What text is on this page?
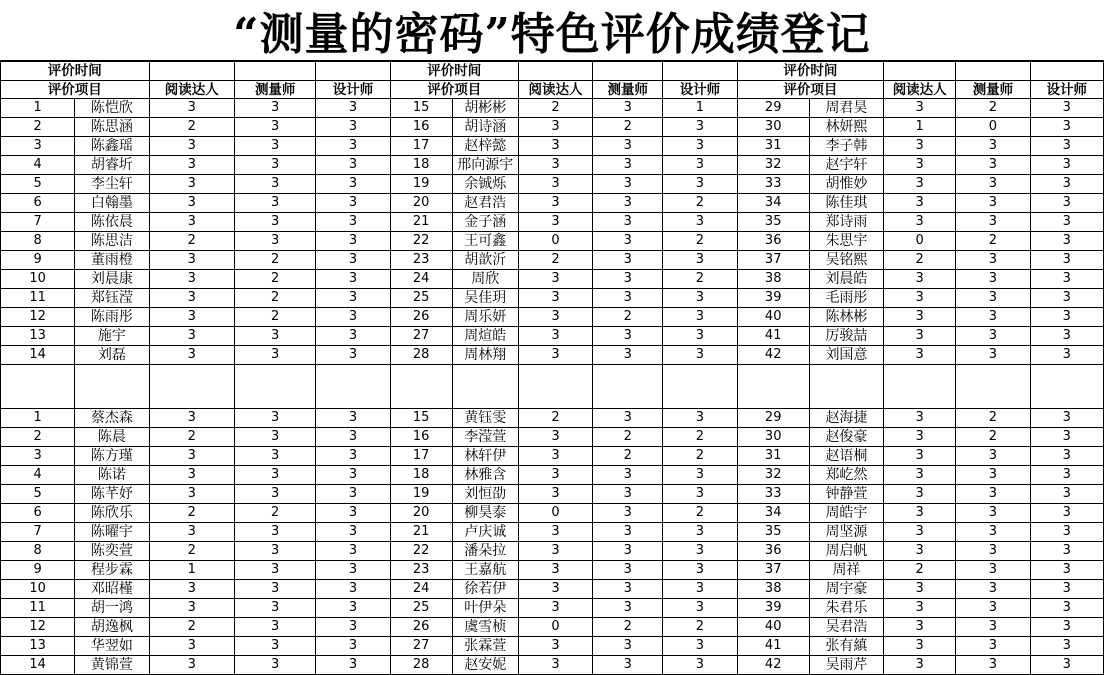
“测量的密码”特色评价成绩登记
评价时间					评价时间					评价时间				
评价项目		阅读达人	测量师	设计师	评价项目		阅读达人	测量师	设计师	评价项目		阅读达人	测量师	设计师
1	陈恺欣	3	3	3	15	胡彬彬	2	3	1	29	周君昊	3	2	3
2	陈思涵	2	3	3	16	胡诗涵	3	2	3	30	林妍熙	1	0	3
3	陈鑫瑶	3	3	3	17	赵梓懿	3	3	3	31	李子韩	3	3	3
4	胡睿圻	3	3	3	18	邢向源宇	3	3	3	32	赵宇轩	3	3	3
5	李尘轩	3	3	3	19	余铖烁	3	3	3	33	胡惟妙	3	3	3
6	白翰墨	3	3	3	20	赵君浩	3	3	2	34	陈佳琪	3	3	3
7	陈依晨	3	3	3	21	金子涵	3	3	3	35	郑诗雨	3	3	3
8	陈思洁	2	3	3	22	王可鑫	0	3	2	36	朱思宇	0	2	3
9	董雨橙	3	2	3	23	胡歆沂	2	3	3	37	吴铭熙	2	3	3
10	刘晨康	3	2	3	24	周欣	3	3	2	38	刘晨皓	3	3	3
11	郑钰滢	3	2	3	25	吴佳玥	3	3	3	39	毛雨彤	3	3	3
12	陈雨彤	3	2	3	26	周乐妍	3	2	3	40	陈林彬	3	3	3
13	施宇	3	3	3	27	周煊皓	3	3	3	41	厉骏喆	3	3	3
14	刘磊	3	3	3	28	周林翔	3	3	3	42	刘国意	3	3	3

1	蔡杰森	3	3	3	15	黄钰雯	2	3	3	29	赵海捷	3	2	3
2	陈晨	2	3	3	16	李滢萱	3	2	2	30	赵俊豪	3	2	3
3	陈方瑾	3	3	3	17	林轩伊	3	2	2	31	赵语桐	3	3	3
4	陈诺	3	3	3	18	林雅含	3	3	3	32	郑屹然	3	3	3
5	陈芊妤	3	3	3	19	刘恒劭	3	3	3	33	钟静萱	3	3	3
6	陈欣乐	2	2	3	20	柳昊泰	0	3	2	34	周皓宇	3	3	3
7	陈曜宇	3	3	3	21	卢庆诚	3	3	3	35	周坚源	3	3	3
8	陈奕萱	2	3	3	22	潘朵拉	3	3	3	36	周启帆	3	3	3
9	程步霖	1	3	3	23	王嘉航	3	3	3	37	周祥	2	3	3
10	邓昭槿	3	3	3	24	徐若伊	3	3	3	38	周宇豪	3	3	3
11	胡一鸿	3	3	3	25	叶伊朵	3	3	3	39	朱君乐	3	3	3
12	胡逸枫	2	3	3	26	虞雪桢	0	2	2	40	吴君浩	3	3	3
13	华翌如	3	3	3	27	张霖萱	3	3	3	41	张有縝	3	3	3
14	黄锦萱	3	3	3	28	赵安妮	3	3	3	42	吴雨芹	3	3	3
